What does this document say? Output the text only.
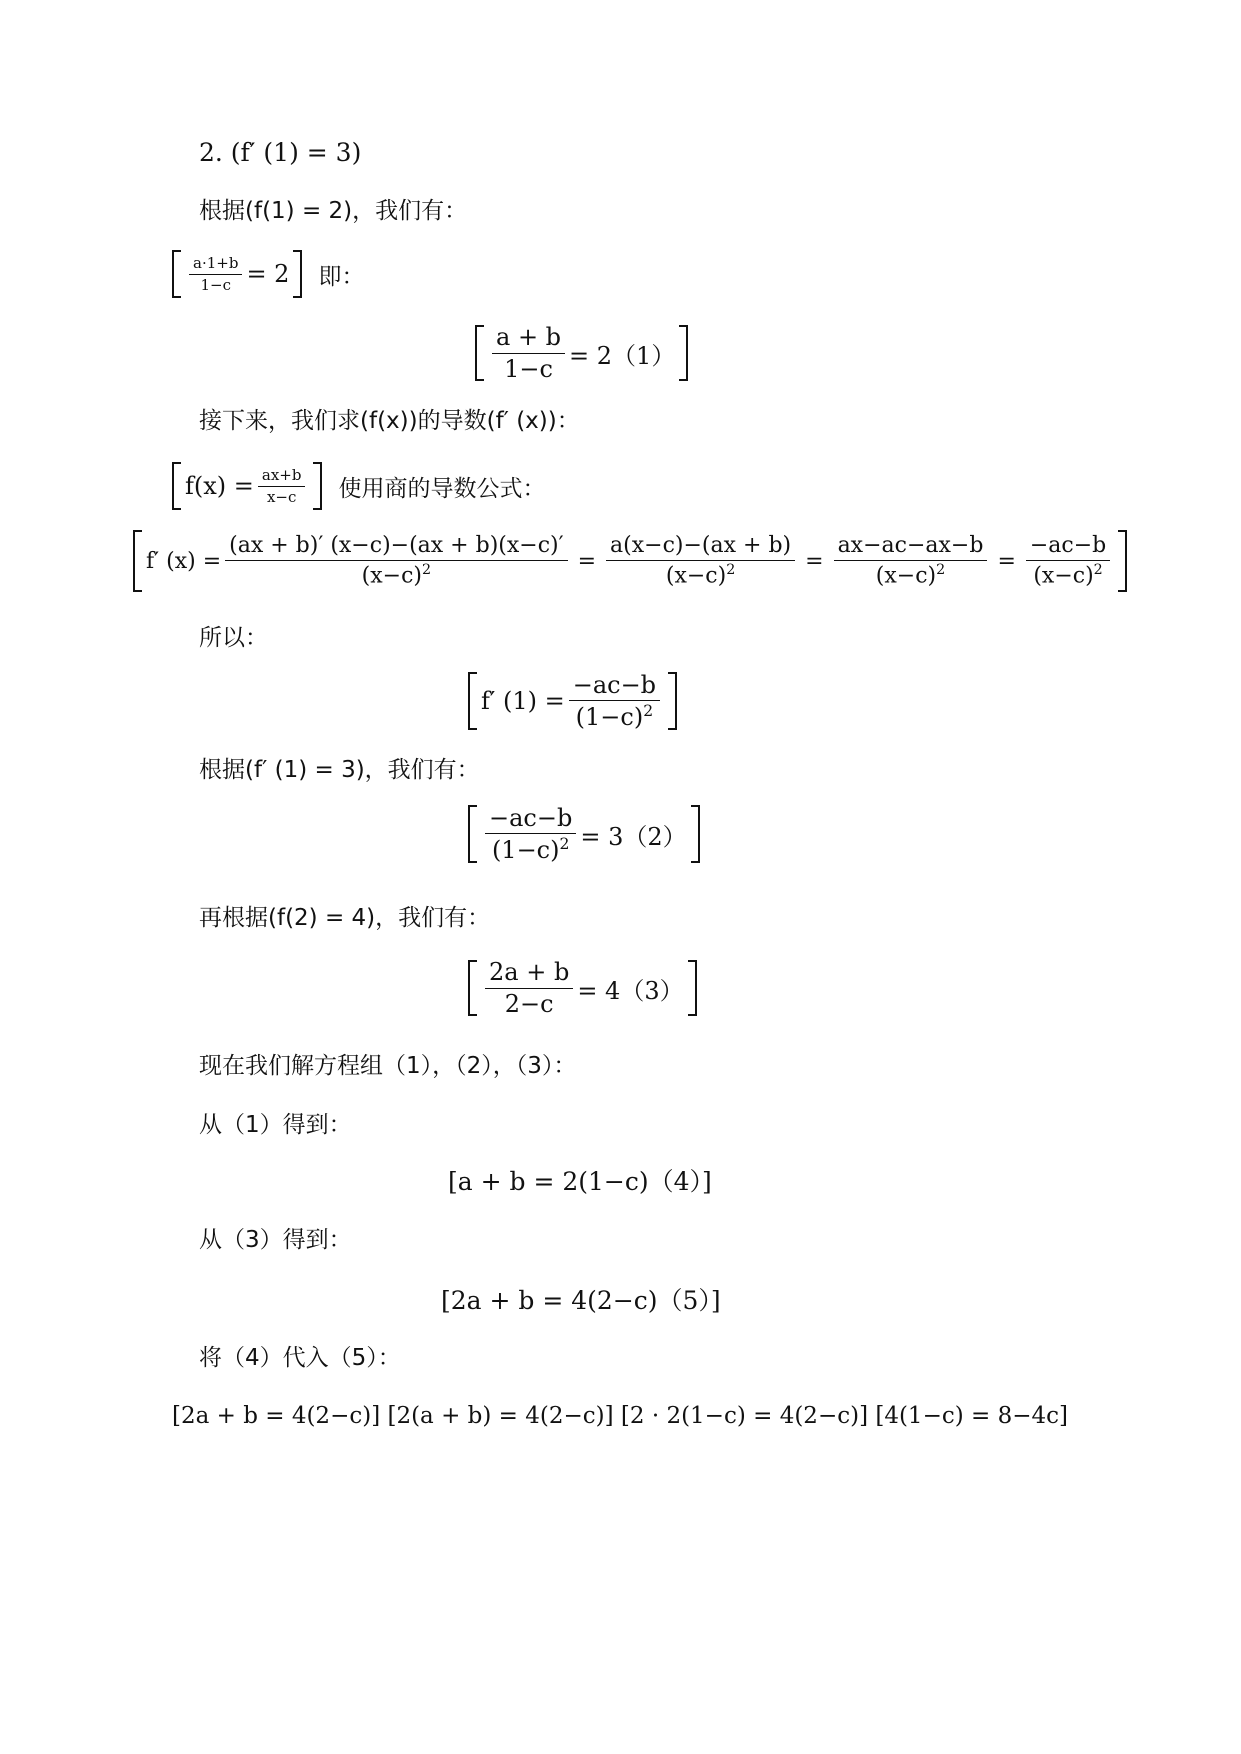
2. (f′ (1) = 3)
根据(f(1) = 2)，我们有：
$\frac{a\cdot 1+b}{1-c} = 2$ 即：
$\frac{a + b}{1-c} = 2(1)$
接下来，我们求(f(x))的导数(f′ (x))：
$f(x) = \frac{ax+b}{x-c}$ 使用商的导数公式：
f′ $(x) = \frac{(ax + b)' (x-c)-(ax + b)(x-c)'}{(x-c)^2} = \frac{a(x-c)-(ax + b)}{(x-c)^2} = \frac{ax-ac-ax-b}{(x-c)^2} = \frac{-ac-b}{(x-c)^2}$
所以：
f′ $(1) = \frac{-ac-b}{(1-c)^2}$
根据(f′ (1) = 3)，我们有：
$\frac{-ac-b}{(1-c)^2} = 3(2)$
再根据(f(2) = 4)，我们有：
$\frac{2a + b}{2-c} = 4(3)$
现在我们解方程组（1），（2），（3）：
从（1）得到：
[a + b = 2(1−c)（4）]
从（3）得到：
[2a + b = 4(2−c)（5）]
将（4）代入（5）：
[2a + b = 4(2−c)] [2(a + b) = 4(2−c)] [2 · 2(1−c) = 4(2−c)] [4(1−c) = 8−4c]
